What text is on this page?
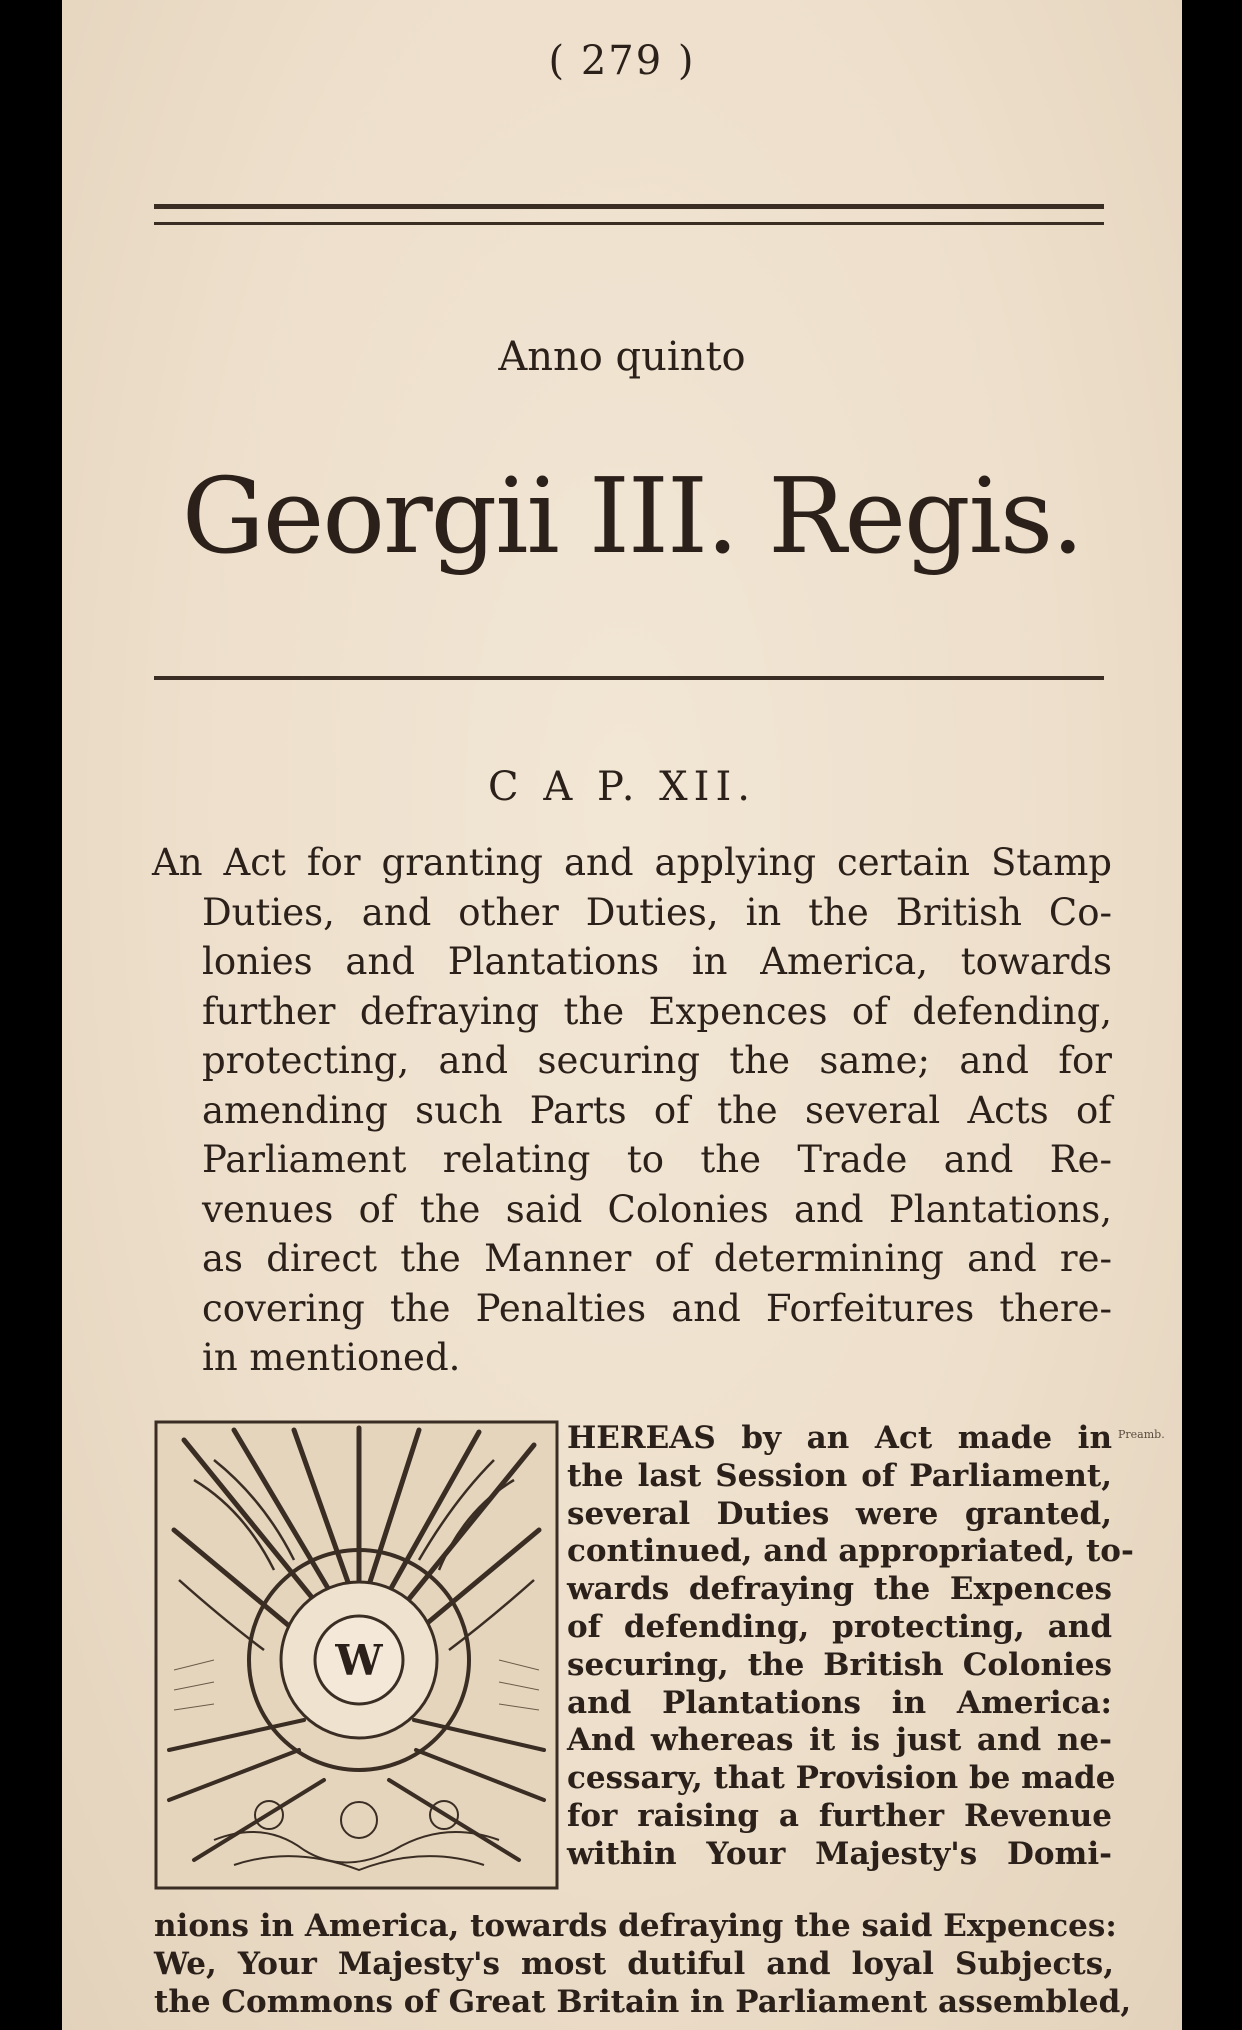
( 279 )
Anno quinto
Georgii III. Regis.
C A P. XII.
An Act for granting and applying certain Stamp
Duties, and other Duties, in the British Co-
lonies and Plantations in America, towards
further defraying the Expences of defending,
protecting, and securing the same; and for
amending such Parts of the several Acts of
Parliament relating to the Trade and Re-
venues of the said Colonies and Plantations,
as direct the Manner of determining and re-
covering the Penalties and Forfeitures there-
in mentioned.
W
Preamb.
HEREAS by an Act made in
the last Session of Parliament,
several Duties were granted,
continued, and appropriated, to-
wards defraying the Expences
of defending, protecting, and
securing, the British Colonies
and Plantations in America:
And whereas it is just and ne-
cessary, that Provision be made
for raising a further Revenue
within Your Majesty's Domi-
nions in America, towards defraying the said Expences:
We, Your Majesty's most dutiful and loyal Subjects,
the Commons of Great Britain in Parliament assembled,
